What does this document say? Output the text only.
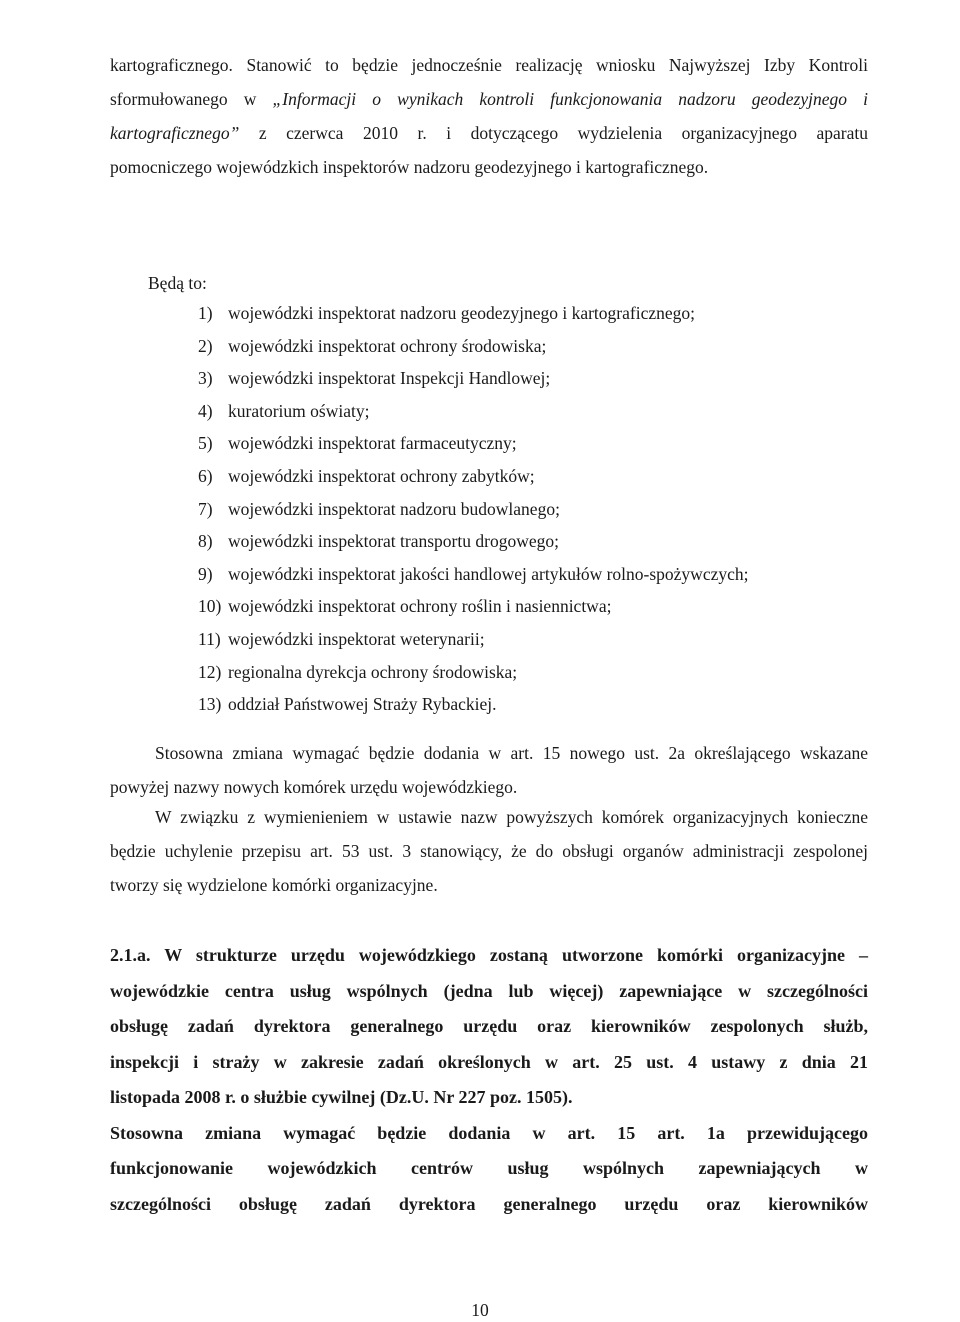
kartograficznego. Stanowić to będzie jednocześnie realizację wniosku Najwyższej Izby Kontroli
sformułowanego w „Informacji o wynikach kontroli funkcjonowania nadzoru geodezyjnego i
kartograficznego” z czerwca 2010 r. i dotyczącego wydzielenia organizacyjnego aparatu
pomocniczego wojewódzkich inspektorów nadzoru geodezyjnego i kartograficznego.
Będą to:
1) wojewódzki inspektorat nadzoru geodezyjnego i kartograficznego;
2) wojewódzki inspektorat ochrony środowiska;
3) wojewódzki inspektorat Inspekcji Handlowej;
4) kuratorium oświaty;
5) wojewódzki inspektorat farmaceutyczny;
6) wojewódzki inspektorat ochrony zabytków;
7) wojewódzki inspektorat nadzoru budowlanego;
8) wojewódzki inspektorat transportu drogowego;
9) wojewódzki inspektorat jakości handlowej artykułów rolno-spożywczych;
10) wojewódzki inspektorat ochrony roślin i nasiennictwa;
11) wojewódzki inspektorat weterynarii;
12) regionalna dyrekcja ochrony środowiska;
13) oddział Państwowej Straży Rybackiej.
Stosowna zmiana wymagać będzie dodania w art. 15 nowego ust. 2a określającego wskazane
powyżej nazwy nowych komórek urzędu wojewódzkiego.
W związku z wymienieniem w ustawie nazw powyższych komórek organizacyjnych konieczne
będzie uchylenie przepisu art. 53 ust. 3 stanowiący, że do obsługi organów administracji zespolonej
tworzy się wydzielone komórki organizacyjne.
2.1.a. W strukturze urzędu wojewódzkiego zostaną utworzone komórki organizacyjne –
wojewódzkie centra usług wspólnych (jedna lub więcej) zapewniające w szczególności
obsługę zadań dyrektora generalnego urzędu oraz kierowników zespolonych służb,
inspekcji i straży w zakresie zadań określonych w art. 25 ust. 4 ustawy z dnia 21
listopada 2008 r. o służbie cywilnej (Dz.U. Nr 227 poz. 1505).
Stosowna zmiana wymagać będzie dodania w art. 15 art. 1a przewidującego
funkcjonowanie wojewódzkich centrów usług wspólnych zapewniających w
szczególności obsługę zadań dyrektora generalnego urzędu oraz kierowników
10
